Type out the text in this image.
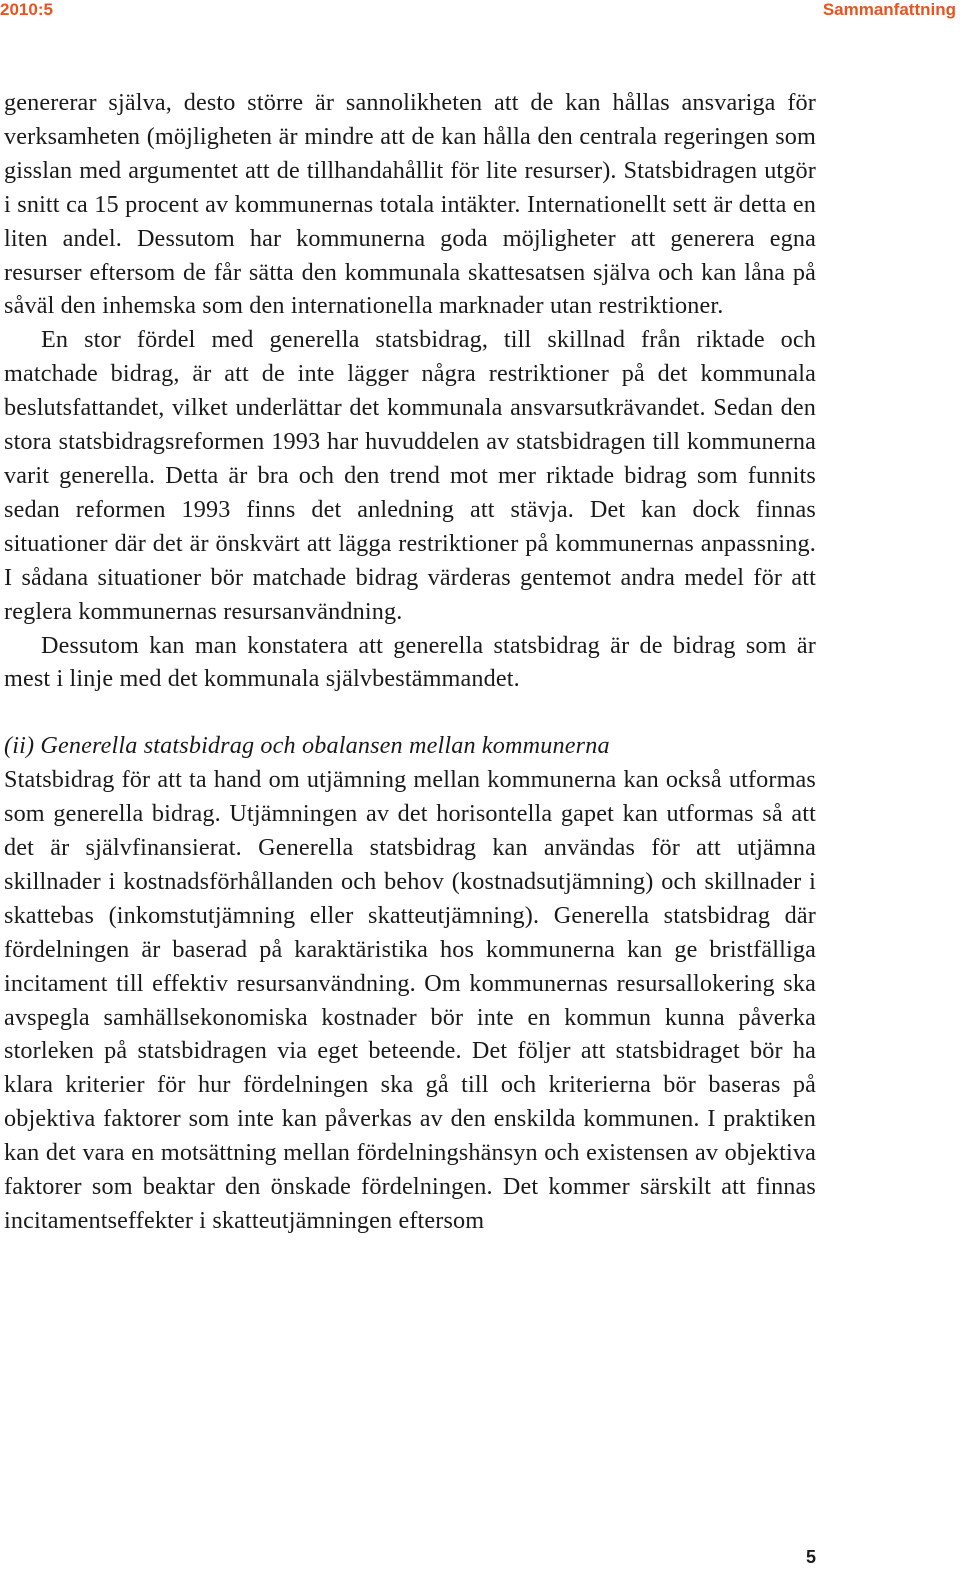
2010:5	Sammanfattning

genererar själva, desto större är sannolikheten att de kan hållas ansvariga för verksamheten (möjligheten är mindre att de kan hålla den centrala regeringen som gisslan med argumentet att de tillhandahållit för lite resurser). Statsbidragen utgör i snitt ca 15 procent av kommunernas totala intäkter. Internationellt sett är detta en liten andel. Dessutom har kommunerna goda möjligheter att generera egna resurser eftersom de får sätta den kommunala skattesatsen själva och kan låna på såväl den inhemska som den internationella marknader utan restriktioner.

En stor fördel med generella statsbidrag, till skillnad från riktade och matchade bidrag, är att de inte lägger några restriktioner på det kommunala beslutsfattandet, vilket underlättar det kommunala ansvarsutkrävandet. Sedan den stora statsbidragsreformen 1993 har huvuddelen av statsbidragen till kommunerna varit generella. Detta är bra och den trend mot mer riktade bidrag som funnits sedan reformen 1993 finns det anledning att stävja. Det kan dock finnas situationer där det är önskvärt att lägga restriktioner på kommunernas anpassning. I sådana situationer bör matchade bidrag värderas gentemot andra medel för att reglera kommunernas resursanvändning.

Dessutom kan man konstatera att generella statsbidrag är de bidrag som är mest i linje med det kommunala självbestämmandet.

(ii) Generella statsbidrag och obalansen mellan kommunerna

Statsbidrag för att ta hand om utjämning mellan kommunerna kan också utformas som generella bidrag. Utjämningen av det horisontella gapet kan utformas så att det är självfinansierat. Generella statsbidrag kan användas för att utjämna skillnader i kostnadsförhållanden och behov (kostnadsutjämning) och skillnader i skattebas (inkomstutjämning eller skatteutjämning). Generella statsbidrag där fördelningen är baserad på karaktäristika hos kommunerna kan ge bristfälliga incitament till effektiv resursanvändning. Om kommunernas resursallokering ska avspegla samhällsekonomiska kostnader bör inte en kommun kunna påverka storleken på statsbidragen via eget beteende. Det följer att statsbidraget bör ha klara kriterier för hur fördelningen ska gå till och kriterierna bör baseras på objektiva faktorer som inte kan påverkas av den enskilda kommunen. I praktiken kan det vara en motsättning mellan fördelningshänsyn och existensen av objektiva faktorer som beaktar den önskade fördelningen. Det kommer särskilt att finnas incitamentseffekter i skatteutjämningen eftersom

5
